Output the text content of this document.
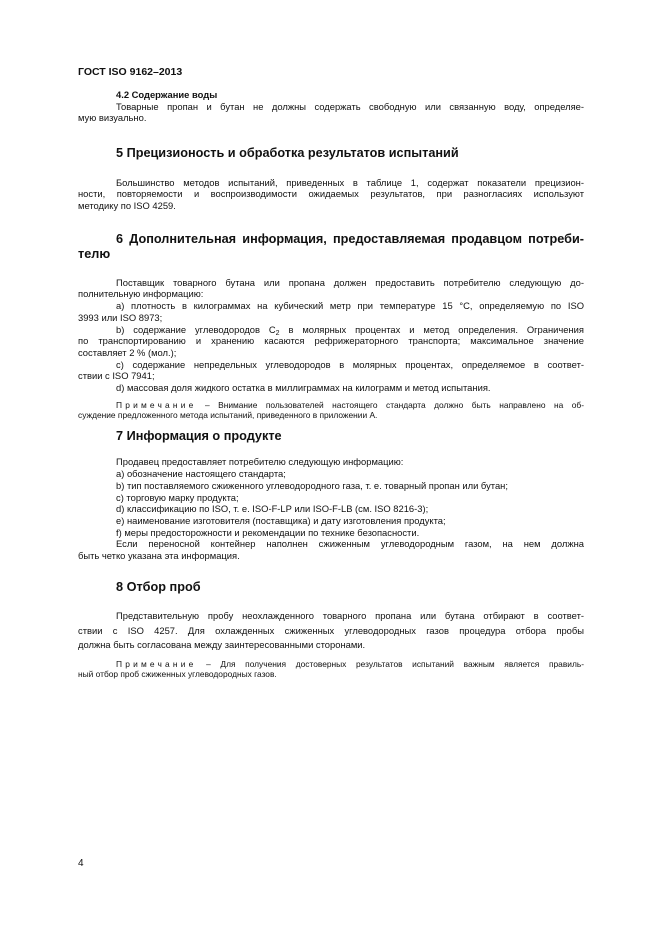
ГОСТ ISO 9162–2013
4.2 Содержание воды
Товарные пропан и бутан не должны содержать свободную или связанную воду, определяе-
мую визуально.
5 Прецизионость и обработка результатов испытаний
Большинство методов испытаний, приведенных в таблице 1, содержат показатели прецизион-
ности, повторяемости и воспроизводимости ожидаемых результатов, при разногласиях используют
методику по ISO 4259.
6 Дополнительная информация, предоставляемая продавцом потреби-
телю
Поставщик товарного бутана или пропана должен предоставить потребителю следующую до-
полнительную информацию:
a) плотность в килограммах на кубический метр при температуре 15 °C, определяемую по ISO
3993 или ISO 8973;
b) содержание углеводородов $С_2$ в молярных процентах и метод определения. Ограничения
по транспортированию и хранению касаются рефрижераторного транспорта; максимальное значение
составляет 2 % (мол.);
c) содержание непредельных углеводородов в молярных процентах, определяемое в соответ-
ствии с ISO 7941;

d) массовая доля жидкого остатка в миллиграммах на килограмм и метод испытания.

Примечание – Внимание пользователей настоящего стандарта должно быть направлено на об-
суждение предложенного метода испытаний, приведенного в приложении А.
7 Информация о продукте

Продавец предоставляет потребителю следующую информацию:

a) обозначение настоящего стандарта;
b) тип поставляемого сжиженного углеводородного газа, т. е. товарный пропан или бутан;
c) торговую марку продукта;
d) классификацию по ISO, т. е. ISO-F-LP или ISO-F-LB (см. ISO 8216-3);
e) наименование изготовителя (поставщика) и дату изготовления продукта;
f) меры предосторожности и рекомендации по технике безопасности.
Если переносной контейнер наполнен сжиженным углеводородным газом, на нем должна
быть четко указана эта информация.
8 Отбор проб
Представительную пробу неохлажденного товарного пропана или бутана отбирают в соответ-
ствии с ISO 4257. Для охлажденных сжиженных углеводородных газов процедура отбора пробы
должна быть согласована между заинтересованными сторонами.
Примечание – Для получения достоверных результатов испытаний важным является правиль-
ный отбор проб сжиженных углеводородных газов.
4
